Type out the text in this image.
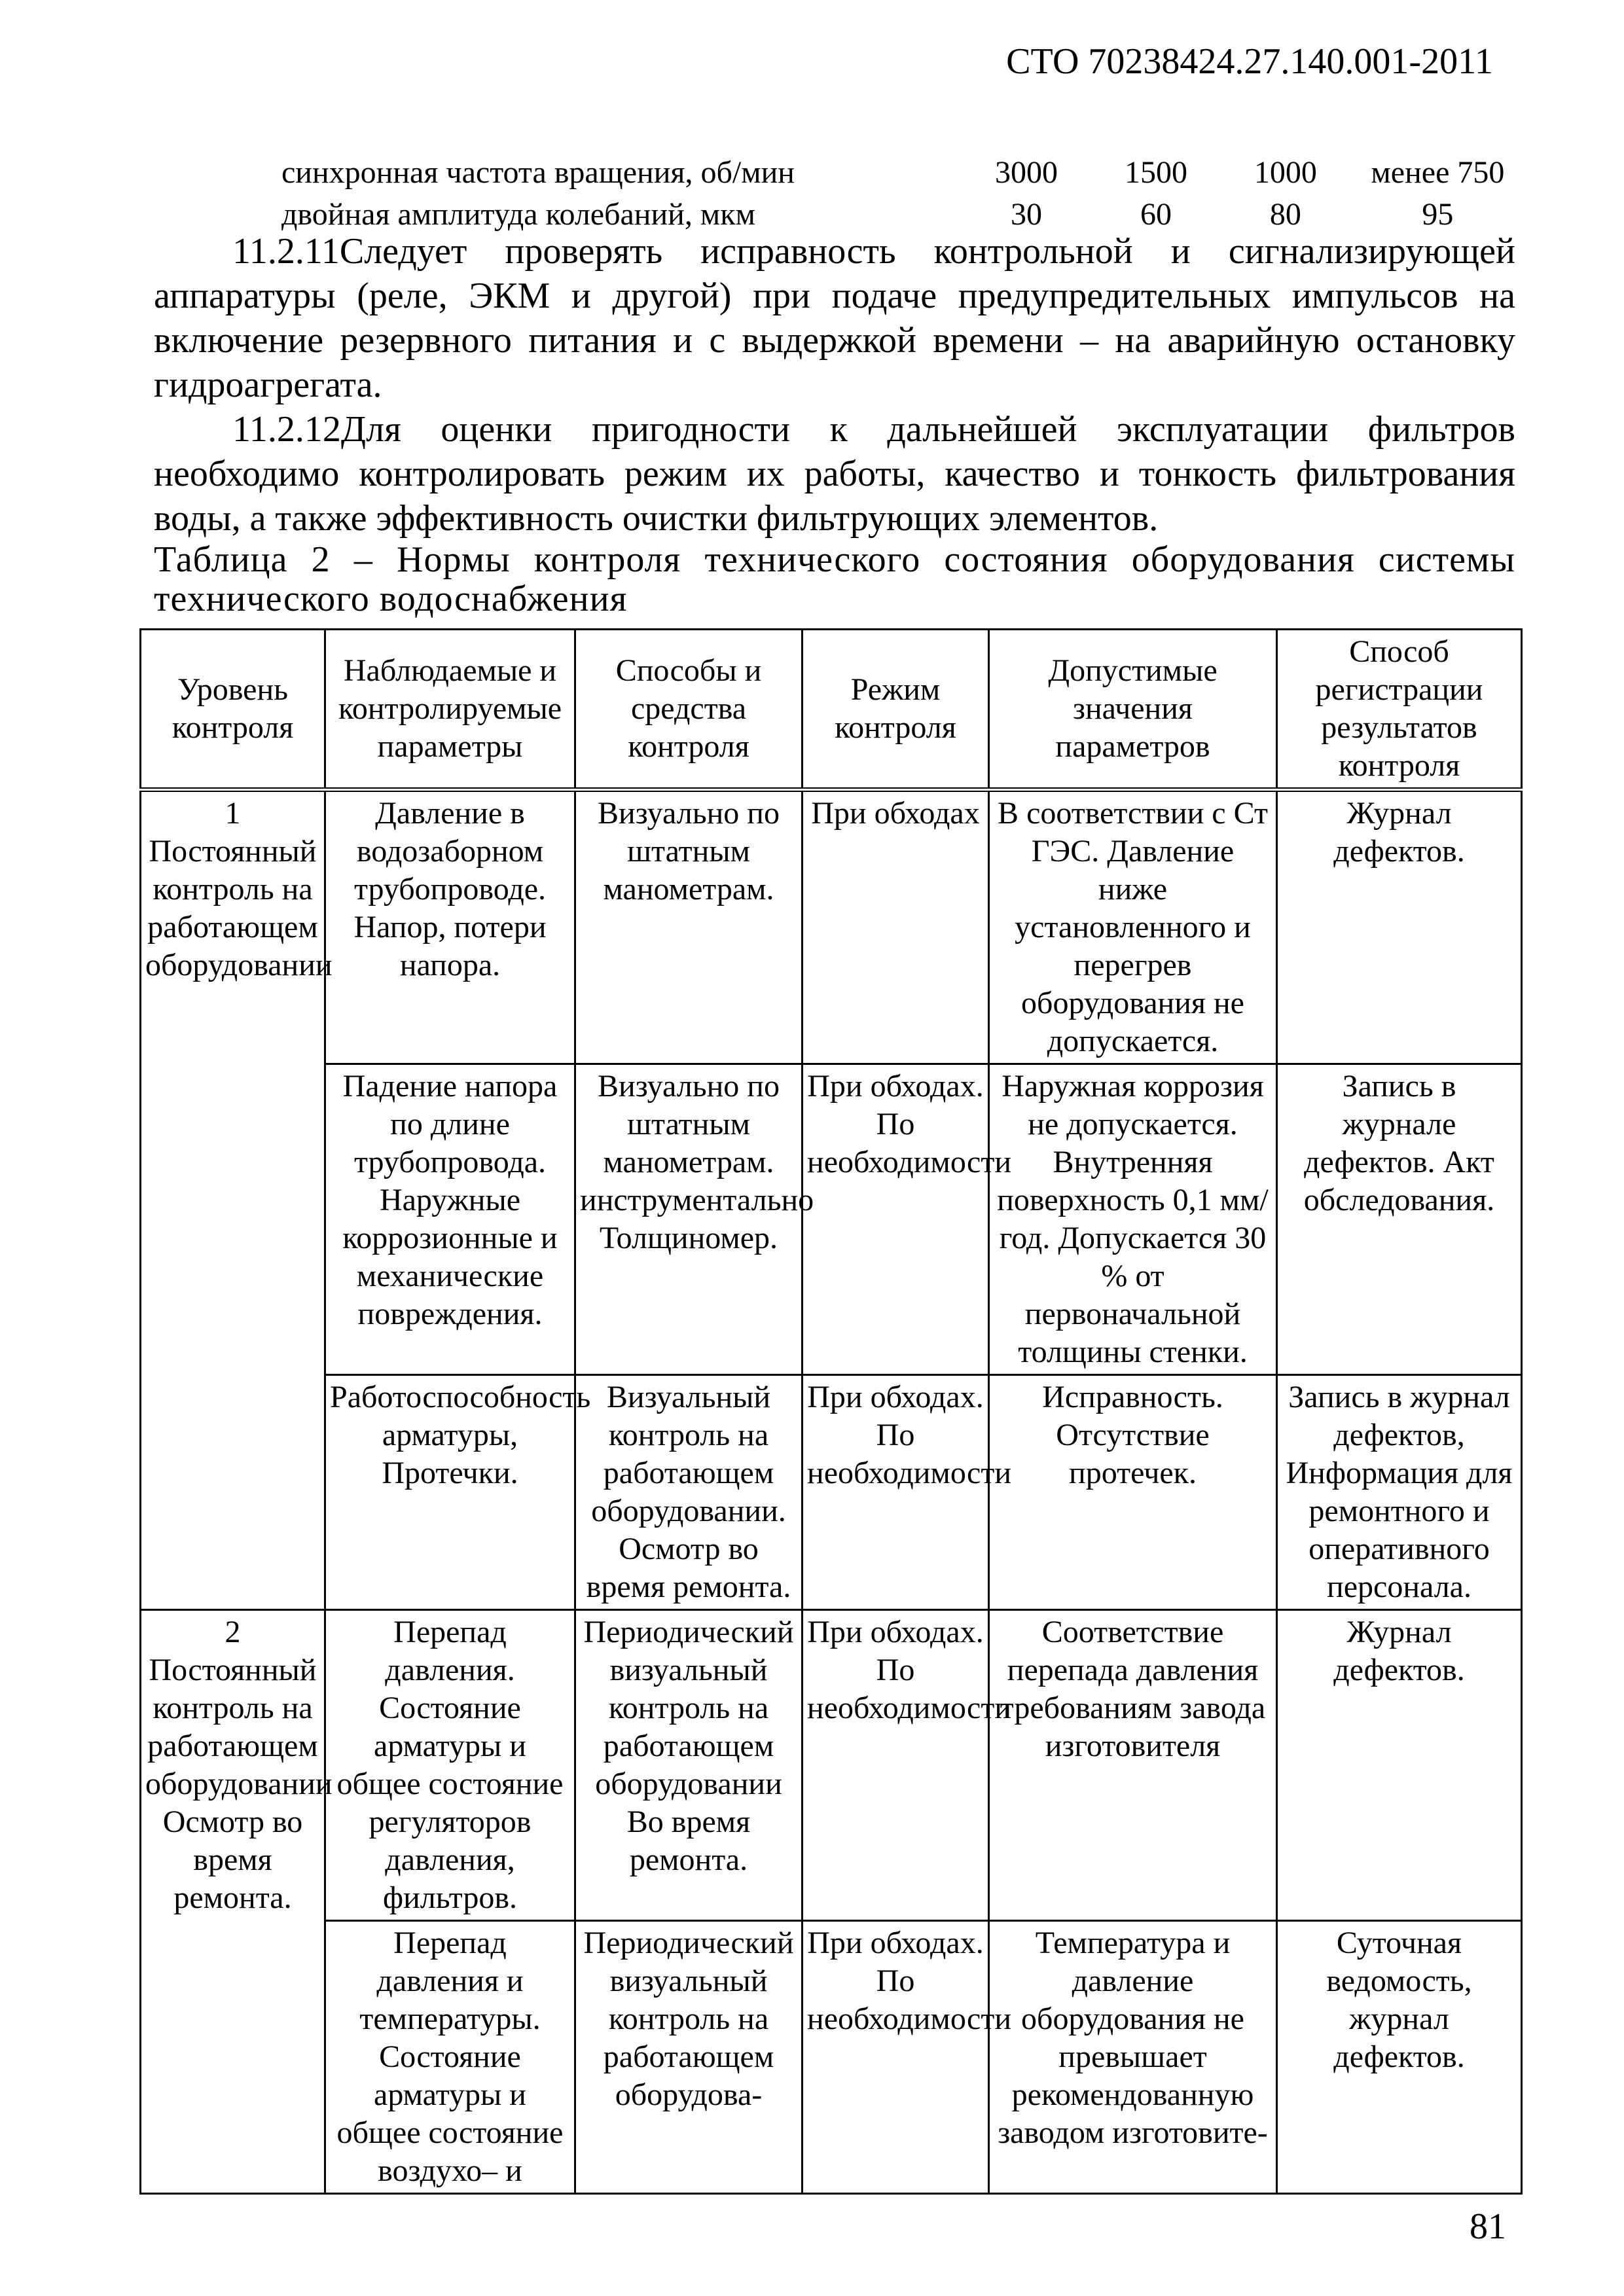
СТО 70238424.27.140.001-2011
синхронная частота вращения, об/мин	3000	1500	1000	менее 750
двойная амплитуда колебаний, мкм	30	60	80	95

11.2.11Следует проверять исправность контрольной и сигнализирующей аппаратуры (реле, ЭКМ и другой) при подаче предупредительных импульсов на включение резервного питания и с выдержкой времени – на аварийную остановку гидроагрегата.

11.2.12Для оценки пригодности к дальнейшей эксплуатации фильтров необходимо контролировать режим их работы, качество и тонкость фильтрования воды, а также эффективность очистки фильтрующих элементов.

Таблица 2 – Нормы контроля технического состояния оборудования системы технического водоснабжения
Уровень контроля	Наблюдаемые и контролируемые параметры	Способы и средства контроля	Режим контроля	Допустимые значения параметров	Способ регистрации результатов контроля
1 Постоянный контроль на работающем оборудовании	Давление в водозаборном трубопроводе. Напор, потери напора.	Визуально по штатным манометрам.	При обходах	В соответствии с Ст ГЭС. Давление ниже установленного и перегрев оборудования не допускается.	Журнал дефектов.
	Падение напора по длине трубопровода. Наружные коррозионные и механические повреждения.	Визуально по штатным манометрам. инструментально Толщиномер.	При обходах. По необходимости	Наружная коррозия не допускается. Внутренняя поверхность 0,1 мм/год. Допускается 30 % от первоначальной толщины стенки.	Запись в журнале дефектов. Акт обследования.
	Работоспособность арматуры, Протечки.	Визуальный контроль на работающем оборудовании. Осмотр во время ремонта.	При обходах. По необходимости	Исправность. Отсутствие протечек.	Запись в журнал дефектов, Информация для ремонтного и оперативного персонала.
2 Постоянный контроль на работающем оборудовании Осмотр во время ремонта.	Перепад давления. Состояние арматуры и общее состояние регуляторов давления, фильтров.	Периодический визуальный контроль на работающем оборудовании Во время ремонта.	При обходах. По необходимости	Соответствие перепада давления требованиям завода изготовителя	Журнал дефектов.
	Перепад давления и температуры. Состояние арматуры и общее состояние воздухо– и	Периодический визуальный контроль на работающем оборудова-	При обходах. По необходимости	Температура и давление оборудования не превышает рекомендованную заводом изготовите-	Суточная ведомость, журнал дефектов.
81
